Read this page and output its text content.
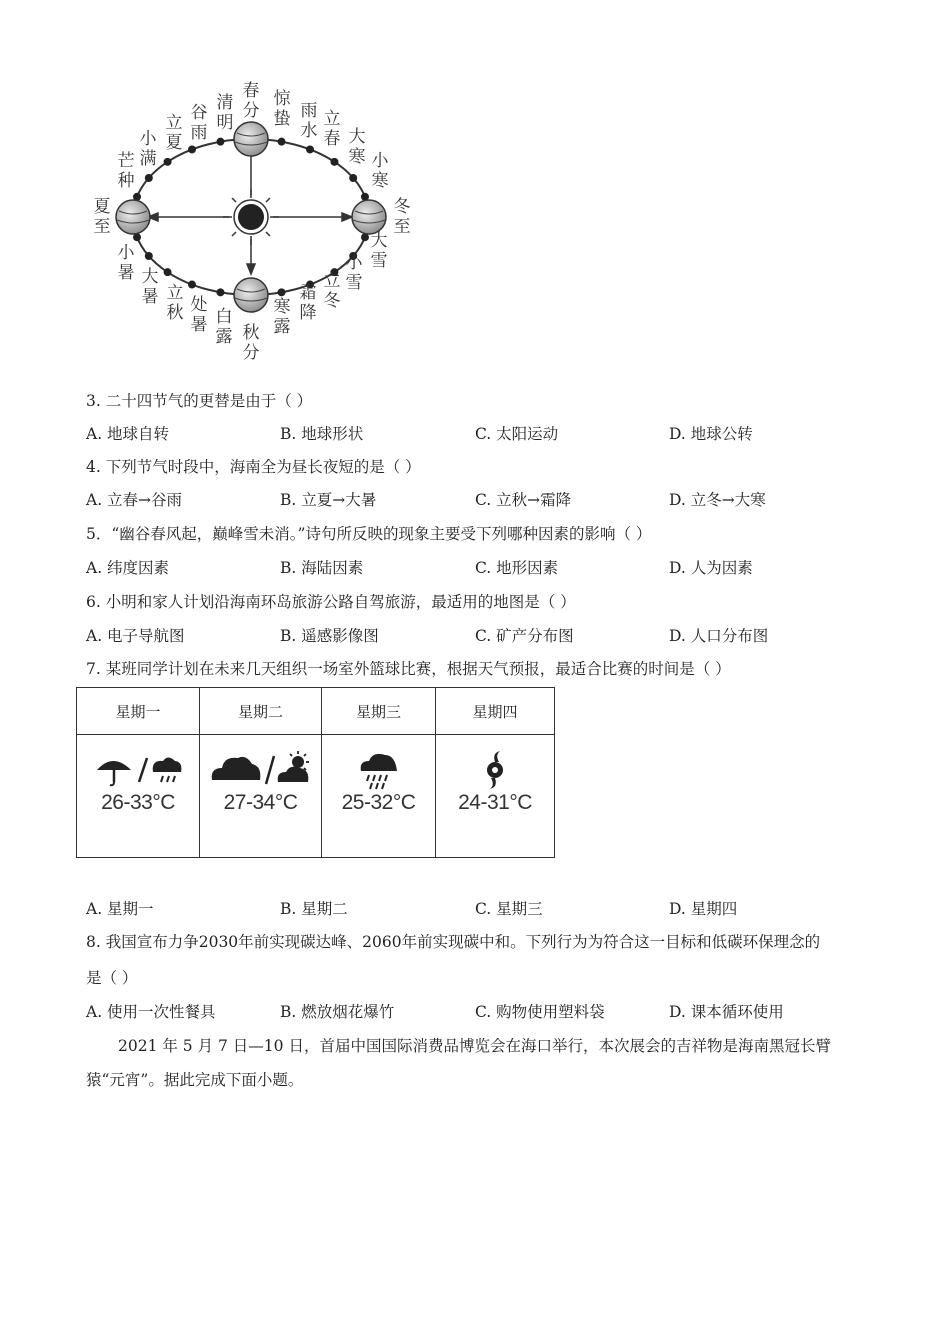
春分
清明
谷雨
立夏
小满
芒种
夏至
小暑 大暑 立秋 处暑 白露 秋分
寒露
霜降
立冬
小雪
大雪
冬至
小寒
大寒
立春
雨水
惊蛰
3. 二十四节气的更替是由于（ ）
A. 地球自转	B. 地球形状	C. 太阳运动	D. 地球公转
4. 下列节气时段中，海南全为昼长夜短的是（ ）
A. 立春→谷雨	B. 立夏→大暑	C. 立秋→霜降	D. 立冬→大寒
5．“幽谷春风起，巅峰雪未消。”诗句所反映的现象主要受下列哪种因素的影响（ ）
A. 纬度因素	B. 海陆因素	C. 地形因素	D. 人为因素
6. 小明和家人计划沿海南环岛旅游公路自驾旅游，最适用的地图是（ ）
A. 电子导航图	B. 遥感影像图	C. 矿产分布图	D. 人口分布图
7. 某班同学计划在未来几天组织一场室外篮球比赛，根据天气预报，最适合比赛的时间是（ ）
星期一	星期二	星期三	星期四

26-33°C	27-34°C	25-32°C	24-31°C
A. 星期一	B. 星期二	C. 星期三	D. 星期四
8. 我国宣布力争2030年前实现碳达峰、2060年前实现碳中和。下列行为为符合这一目标和低碳环保理念的
是（ ）
A. 使用一次性餐具	B. 燃放烟花爆竹	C. 购物使用塑料袋	D. 课本循环使用
2021 年 5 月 7 日—10 日，首届中国国际消费品博览会在海口举行，本次展会的吉祥物是海南黑冠长臂
猿“元宵”。据此完成下面小题。
